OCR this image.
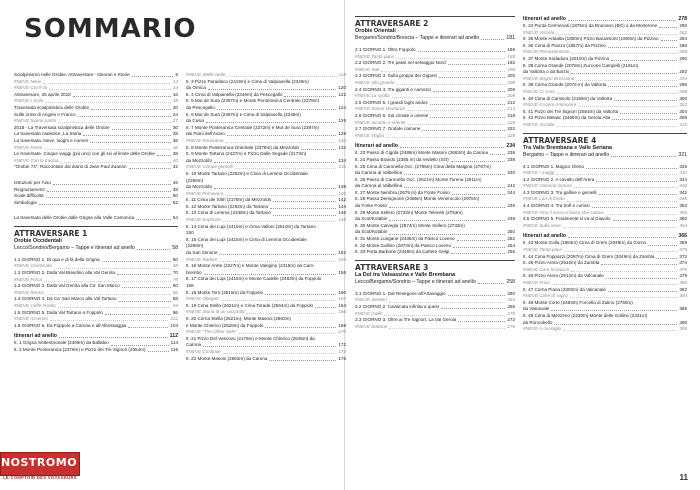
SOMMARIO
Scialpinismo nelle Orobie. Attraversare - Itinerari e Storie	6
#NEVE Neve	14
#NEVE Cos'è fa	14
Attraversare, 25 aprile 2018	16
#NEVE L'isola	18
Traversata scialpinistica delle Orobie	20
Sulle orme di Angelo e Franco	24
#NEVE Siamo partiti	27
2018 - La Traversata scialpinistica delle Orobie	30
La traversata maledice, La Storia	38
La traversata. Neve, luoghi e numeri	36
#NEVE Fermi	36
Le traversate. Cinque viaggi (più uno) con gli sci al limite delle Orobie	38
#NEVE Con la traccia	40
"Orobie 74", Raccontato dal diario di Jean Paul Zuanon	42
Istruzioni per l'uso	46
Ringraziamenti	48
Scale difficoltà	50
Simbologia	52
La traversata delle Orobie dalle Grigne alla Valle Camonica	54
ATTRAVERSARE 1
Orobie Occidentali
Lecco/Sondrio/Bergamo – Tappe e itinerari ad anello	58
1.1 GIORNO 1. Di qua e di là della Grigna	60
#NEVE Cosmicide	68
1.2 GIORNO 2. Dalla Val Biandino alla Val Gerola	70
#NEVE Forca	78
1.3 GIORNO 3. Dalla Val Gerola alla Ca' San Marco	80
#NEVE Ronca	86
1.4 GIORNO 4. Da Ca' San Marco alla Val Tartano	88
#NEVE Caffe Fondo	94
1.5 GIORNO 5. Dalla Val Tartano a Foppolo	96
#NEVE Assenza	102
1.6 GIORNO 6. Da Foppolo a Carona e all'Albossaggia	104
Itinerari ad anello	112
It. 1 Grigna Settentrionale (2409m) da Ballabio	114
It. 2 Monte Ponteranica (2378m) e Pizzo dei Tre Signori (2554m)	116
#NEVE Stelle Nelle	118
It. 3 Pizzo Paradisco (2419m) e Cima di Valpianella (2349m)
da Ornica	120
It. 4 Cima di Valpianella (2349m) da Pescegallo	122
It. 5 Mut de Sura (2397m) e Monte Ponteranica Centrale (2378m)
da Pescegallo	124
It. 6 Mut de Sura (2397m) e Cima di Valpianella (2349m)
da Cusio	126
It. 7 Monte Ponteranica Centrale (2372m) e Mut de Sura (2397m)
dai Piani dell'Avaro	128
#NEVE Panorama	130
It. 8 Monte Ponteranica Orientale (2378m) da Mezzoldo	132
It. 9 Monte Tartano (2437m) e Pizzo Dalle Segade (2173m)
da Mezzoldo	134
#NEVE Cinque gemelli	136
It. 10 Monte Tartano (2292m) e Cima di Lemma Occidentale
(2266m)
da Mezzoldo	138
#NEVE Primavera	140
It. 11 Cima dei Siltri (2178m) da Mezzoldo	142
It. 12 Monte Tartano (2292m) da Tartano	144
It. 13 Cima di Lemma (2348m) da Tartano	146
#NEVE Euphoria	148
It. 14 Cima dei Lupi (2415m) e Cima Valloni (2510m) da Tartano
150
It. 15 Cima dei Lupi (2415m) e Cima di Lemma Occidentale
(2266m)
da San Simone	152
#NEVE Radere	154
It. 16 Monte Arete (2227m) e Monte Valegino (2415m) da Cam-
brembo	156
It. 17 Cima dei Lupi (2415m) e Monte Cadelle (2483m) da Foppolo
158
It. 18 Monte Toro (2515m) da Foppolo	160
#NEVE Obegatt	162
It. 19 Cima Stella (2621m) e Cima Torade (2564m) da Foppolo	164
#NEVE Storia di un racconto	166
It. 20 Corna Stella (2621m), Monte Masoni (2663m)
e Monte Chierico (2526m) da Foppolo	168
#NEVE "The Other Side"	170
It. 21 Pizzo Del Vescovo (2175m) e Monte Chierico (2535m) da
Carona	172
#NEVE Continue	174
It. 22 Monte Masoni (2663m) da Carona	176
NOSTROMO
LE COMPTOIR DES VOYAGEURS
ATTRAVERSARE 2
Orobie Orientali
Bergamo/Sondrio/Brescia – Tappe e itinerari ad anello	181
2.1 GIORNO 1. Oltre Foppolo	186
#NEVE Tanta pace	188
2.2 GIORNO 2. Tre passi nel selvaggio Nord	192
#NEVE Sak	198
2.3 GIORNO 3. Sulla groppa dei Giganti	200
#NEVE Alla grande	208
2.4 GIORNO 4. Tra giganti e camosci	206
#NEVE La svolta	208
2.5 GIORNO 5. I grandi laghi andini	212
#NEVE Siamo strutturati	214
2.6 GIORNO 6. Sul crinale a oriente	218
#NEVE Incanto a oriente	220
2.7 GIORNO 7. Ondate camune	222
#NEVE Voglia	228
Itinerari ad anello	234
It. 23 Passo di Cigola (2486m) Monte Masoni (2663m) da Carona	236
It. 24 Passo Brando (2365 m) da Vedello (SO)	238
It. 25 Cima di Caronella Occ. (2796m) Cima della Malgina (2767m)
da Carona al Valbellina	240
It. 26 Passo di Caronella Occ. (2621m) Monte Torena (2911m)
da Carona al Valbellina	242
It. 27 Monte Nembra (2678 m) da Fonte Fosso	244
It. 28 Passo Demignone (2485m) Monte Venerocolo (2978m)
da Fonte Fosso	246
It. 29 Monte Sellero (2733m) Monte Telenek (2753m)
da Scot/Kotabin	248
It. 30 Monte Calvegla (2674m) Monte Sellero (2733m)
da Scot/Kotabin	250
It. 31 Monte Lungane (2436m) da Paisco Loveno	252
It. 32 Monte Gallino (2873m) da Paisco Loveno	254
It. 33 Porta Barbone (2348m) da Carlere Gelgi	256
ATTRAVERSARE 3
La Dol tra Valsassina e Valle Brembana
Lecco/Bergamo/Sondrio – Tappe e itinerari ad anello	258
3.1 GIORNO 1. Dal Resegone all'Artavaggio	260
#NEVE Sentieri	264
3.2 GIORNO 2. Cavalcata infinita a quest	266
#NEVE Galle	270
3.3 GIORNO 3. Oltre ai Tre Signori, La Val Gerola	272
#NEVE Sottone	276
Itinerari ad anello	278
It. 34 Punta Cermenati (1875m) da Brumano (BG) o da Morterone	280
#NEVE Visceta	282
It. 35 Monte Aralalta (1800m) Pizzo Baciamorti (1908m) da Pizzino	284
It. 36 Cima di Piazzo (1857m) da Pizzino	286
#NEVE Percezionismo	288
It. 37 Monte Sodadura (2010m) da Pizzino	290
It. 38 Corna Grande (2078m) Zuccone Campelli (2161m)
da Valtorta o da Barzio	292
#NEVE Sogno Bresciano	294
It. 39 Corna Grande (2078 m) da Valtorta	296
#NEVE Ci sono	298
It. 40 Cima di Camisolo (2156m) da Valtorta	300
#NEVE Il sovre Ammonire	302
It. 41 Pizzo dei Tre Signori (2554m) da Valtorta	304
It. 42 Pizzo Melasc (2465m) da Gerola Alta	306
#NEVE Accolta	310
ATTRAVERSARE 4
Tra Valle Brembana e Valle Seriana
Bergamo – Tappe e itinerari ad anello	321
4.1 GIORNO 1. Magico Gleno	326
#NEVE I maggi	332
4.2 GIORNO 2. A cavallo dell'Arera	334
#NEVE Colonna sonora	340
4.3 GIORNO 3. Tra galline e gemelli	342
#NEVE Lari di fondo	348
4.4 GIORNO 4. Tra trofi e curiosi	352
#NEVE Fino il sorso e fuoco che colava	356
4.5 GIORNO 5. Finalmente si va al Diavolo	360
#NEVE Sulla neve	364
Itinerari ad anello	366
It. 43 Monte Golla (1983m) Cima di Grem (2049m) da Gorno	368
#NEVE Tanta pace	370
It. 44 Cima Foppazzi (2097m) Cima di Grem (2049m) da Zambla	372
It. 45 Pizzo Arera (2512m) da Zambla	374
#NEVE Care la traccia	376
It. 46 Pizzo Arera (2512m) da Valcanale	378
#NEVE Frasi	380
It. 47 Corna Piana (2302m) da Valcanale	382
#NEVE Cime di sopra	384
It. 48 Monte Corte (2493m) Forcella di Zulino (2750m)
da Valcanale	386
It. 49 Cima di Mezzeno (2230m) Monte delle Galline (2331m)
da Roncobello	390
#NEVE A consiglio	396
11
